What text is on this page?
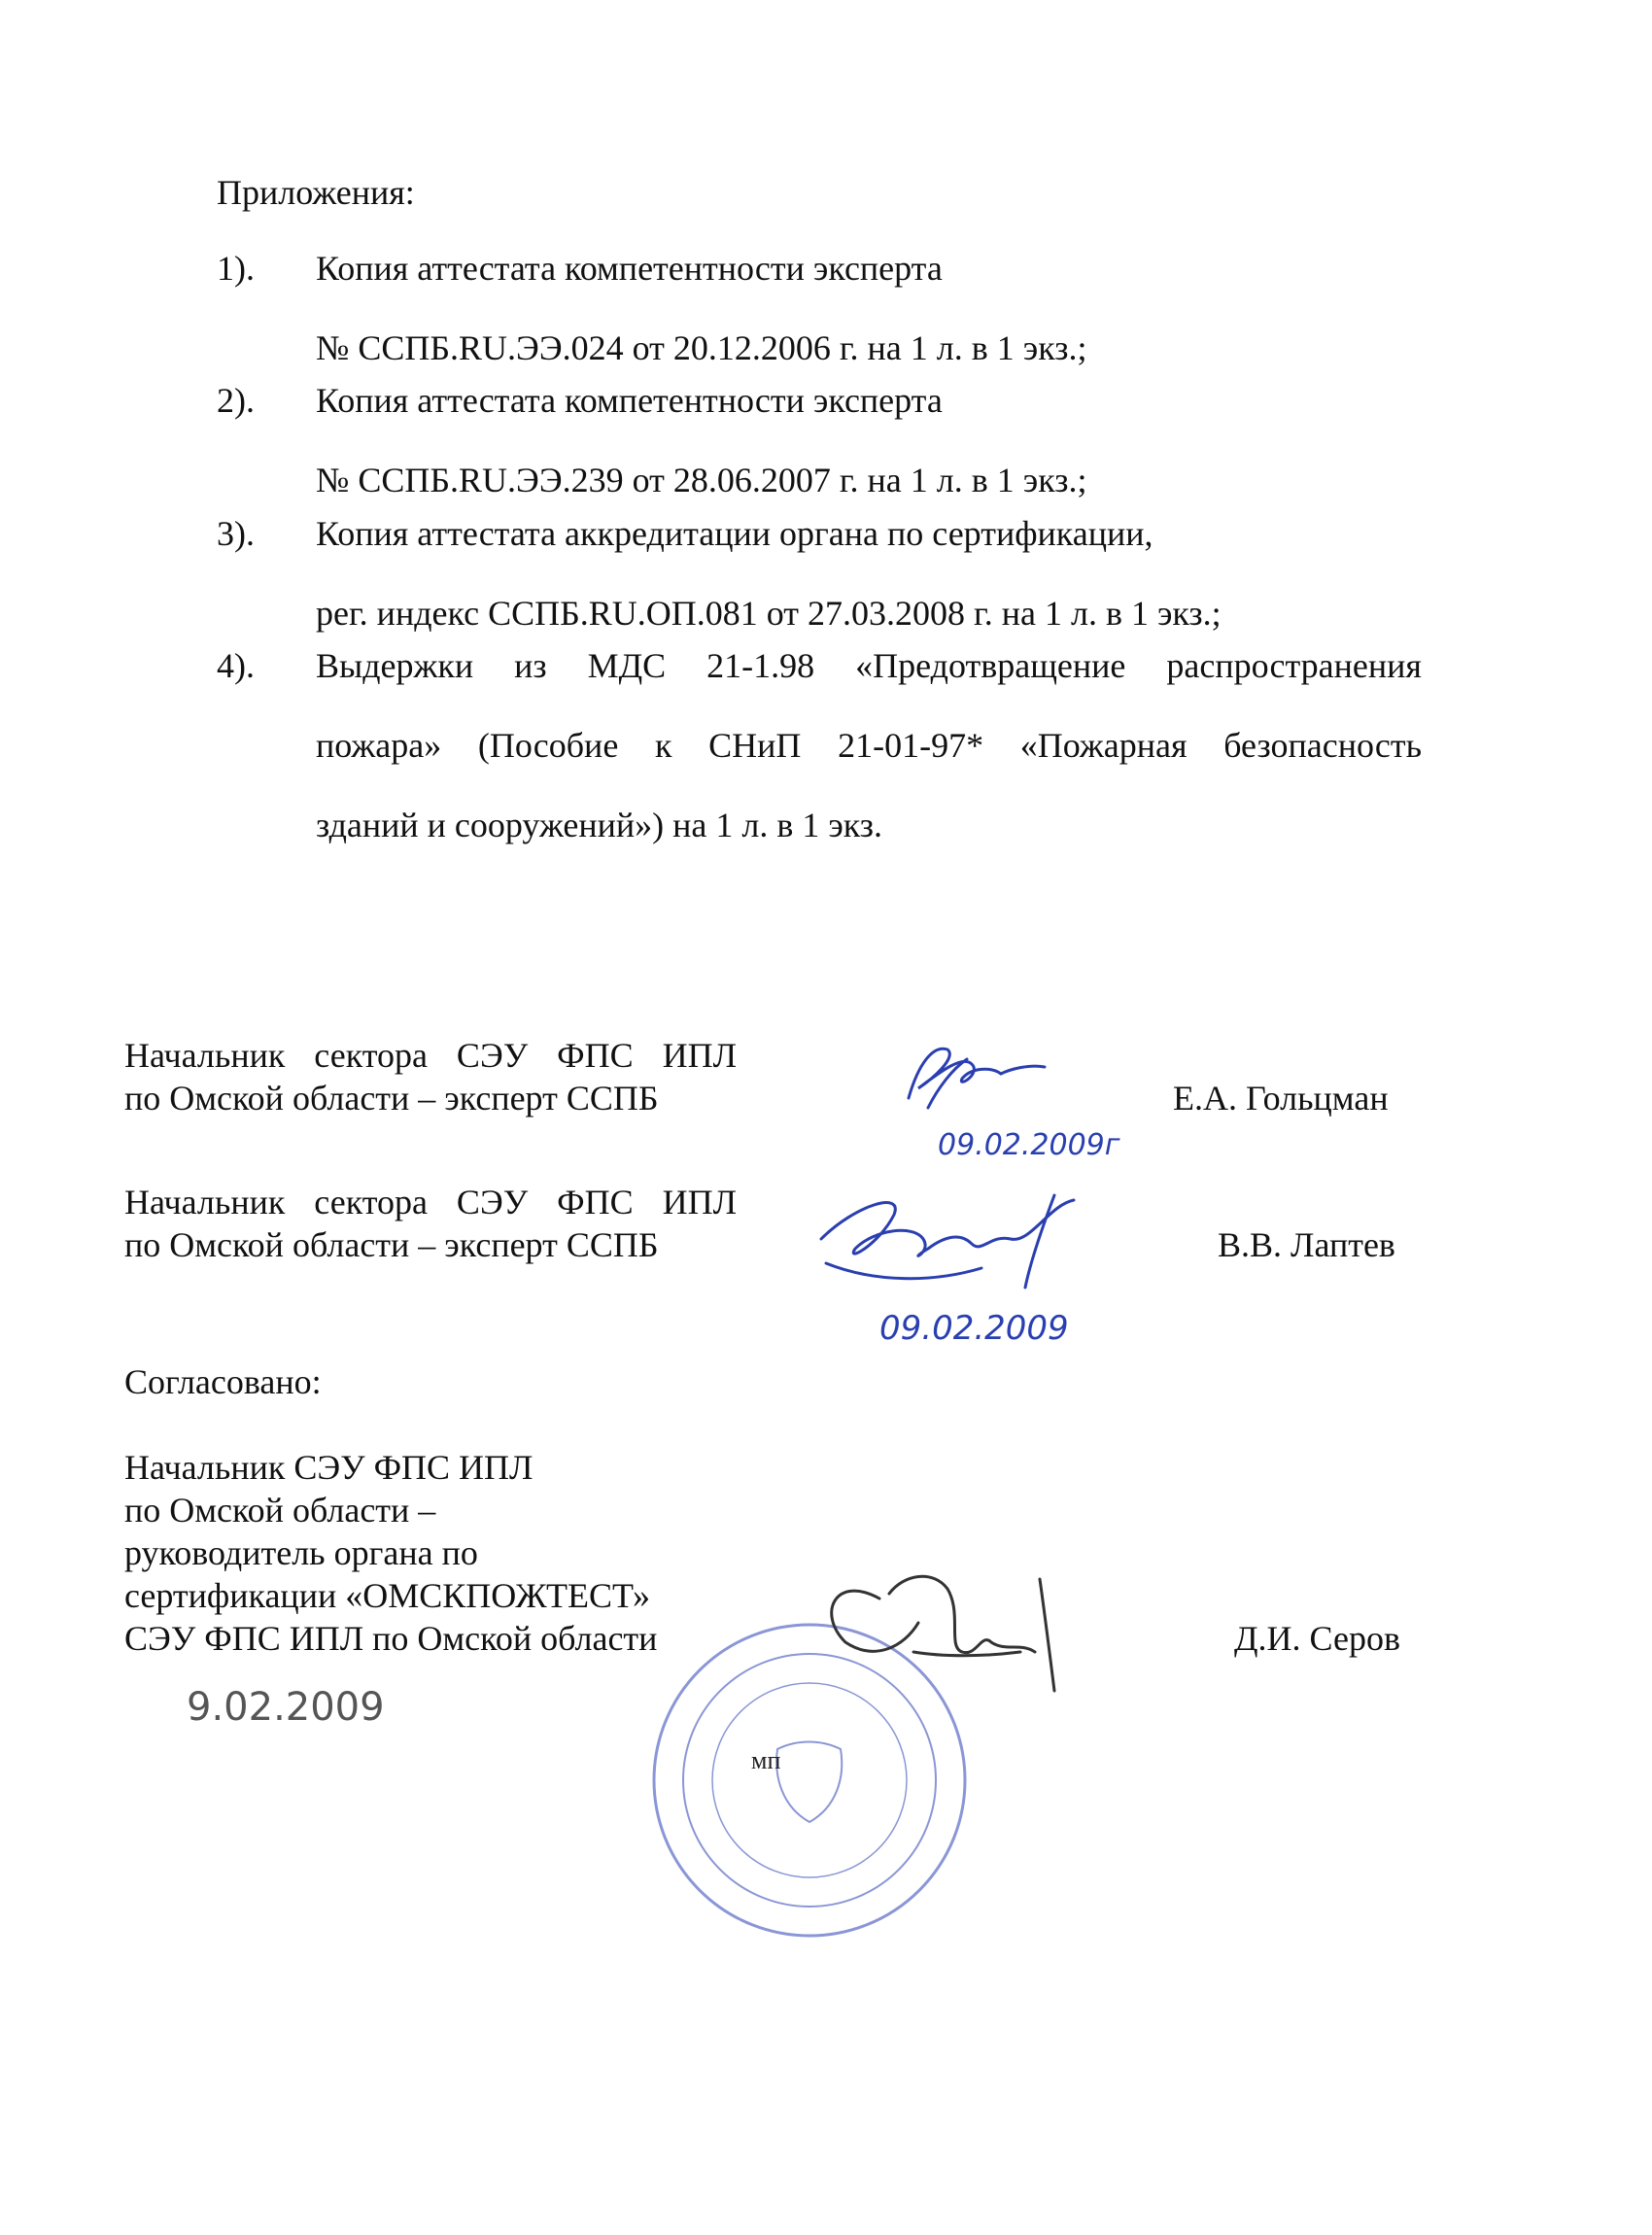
Приложения:
1). Копия аттестата компетентности эксперта
№ ССПБ.RU.ЭЭ.024 от 20.12.2006 г. на 1 л. в 1 экз.;
2). Копия аттестата компетентности эксперта
№ ССПБ.RU.ЭЭ.239 от 28.06.2007 г. на 1 л. в 1 экз.;
3). Копия аттестата аккредитации органа по сертификации,
рег. индекс ССПБ.RU.ОП.081 от 27.03.2008 г. на 1 л. в 1 экз.;
4). Выдержки из МДС 21-1.98 «Предотвращение распространения
пожара» (Пособие к СНиП 21-01-97* «Пожарная безопасность
зданий и сооружений») на 1 л. в 1 экз.
Начальник сектора СЭУ ФПС ИПЛ
по Омской области – эксперт ССПБ	Е.А. Гольцман
Начальник сектора СЭУ ФПС ИПЛ
по Омской области – эксперт ССПБ	В.В. Лаптев
Согласовано:
Начальник СЭУ ФПС ИПЛ
по Омской области –
руководитель органа по
сертификации «ОМСКПОЖТЕСТ»
СЭУ ФПС ИПЛ по Омской области	Д.И. Серов
09.02.2009г
09.02.2009
9.02.2009
мп
